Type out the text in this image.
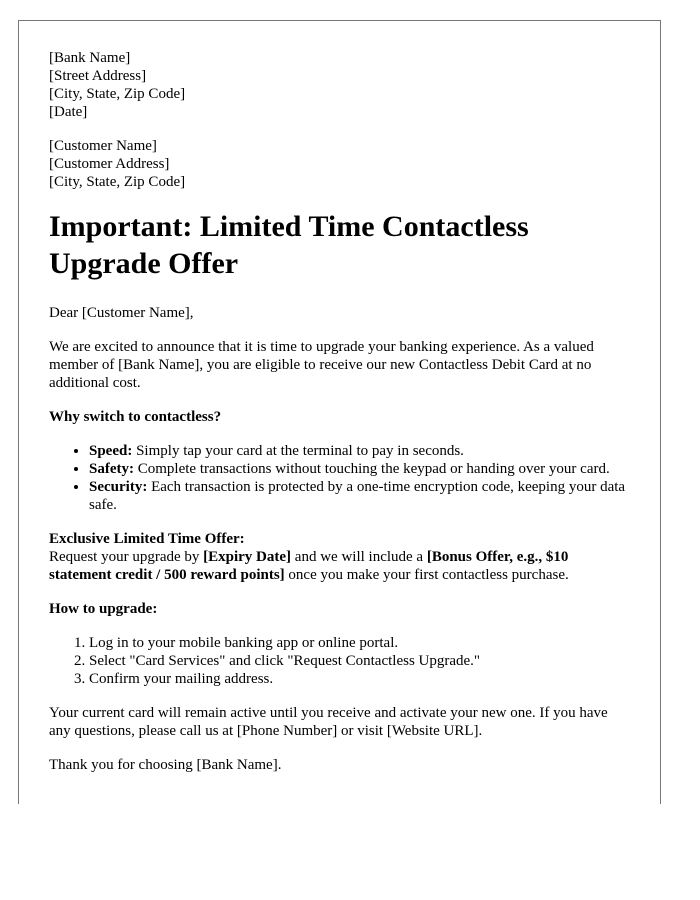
[Bank Name]

[Street Address]

[City, State, Zip Code]

[Date]

[Customer Name]

[Customer Address]

[City, State, Zip Code]

Important: Limited Time Contactless Upgrade Offer

Dear [Customer Name],

We are excited to announce that it is time to upgrade your banking experience. As a valued member of [Bank Name], you are eligible to receive our new Contactless Debit Card at no additional cost.

Why switch to contactless?

• Speed: Simply tap your card at the terminal to pay in seconds.
• Safety: Complete transactions without touching the keypad or handing over your card.
• Security: Each transaction is protected by a one-time encryption code, keeping your data safe.

Exclusive Limited Time Offer:

Request your upgrade by [Expiry Date] and we will include a [Bonus Offer, e.g., $10 statement credit / 500 reward points] once you make your first contactless purchase.

How to upgrade:

1. Log in to your mobile banking app or online portal.
2. Select "Card Services" and click "Request Contactless Upgrade."
3. Confirm your mailing address.

Your current card will remain active until you receive and activate your new one. If you have any questions, please call us at [Phone Number] or visit [Website URL].

Thank you for choosing [Bank Name].
